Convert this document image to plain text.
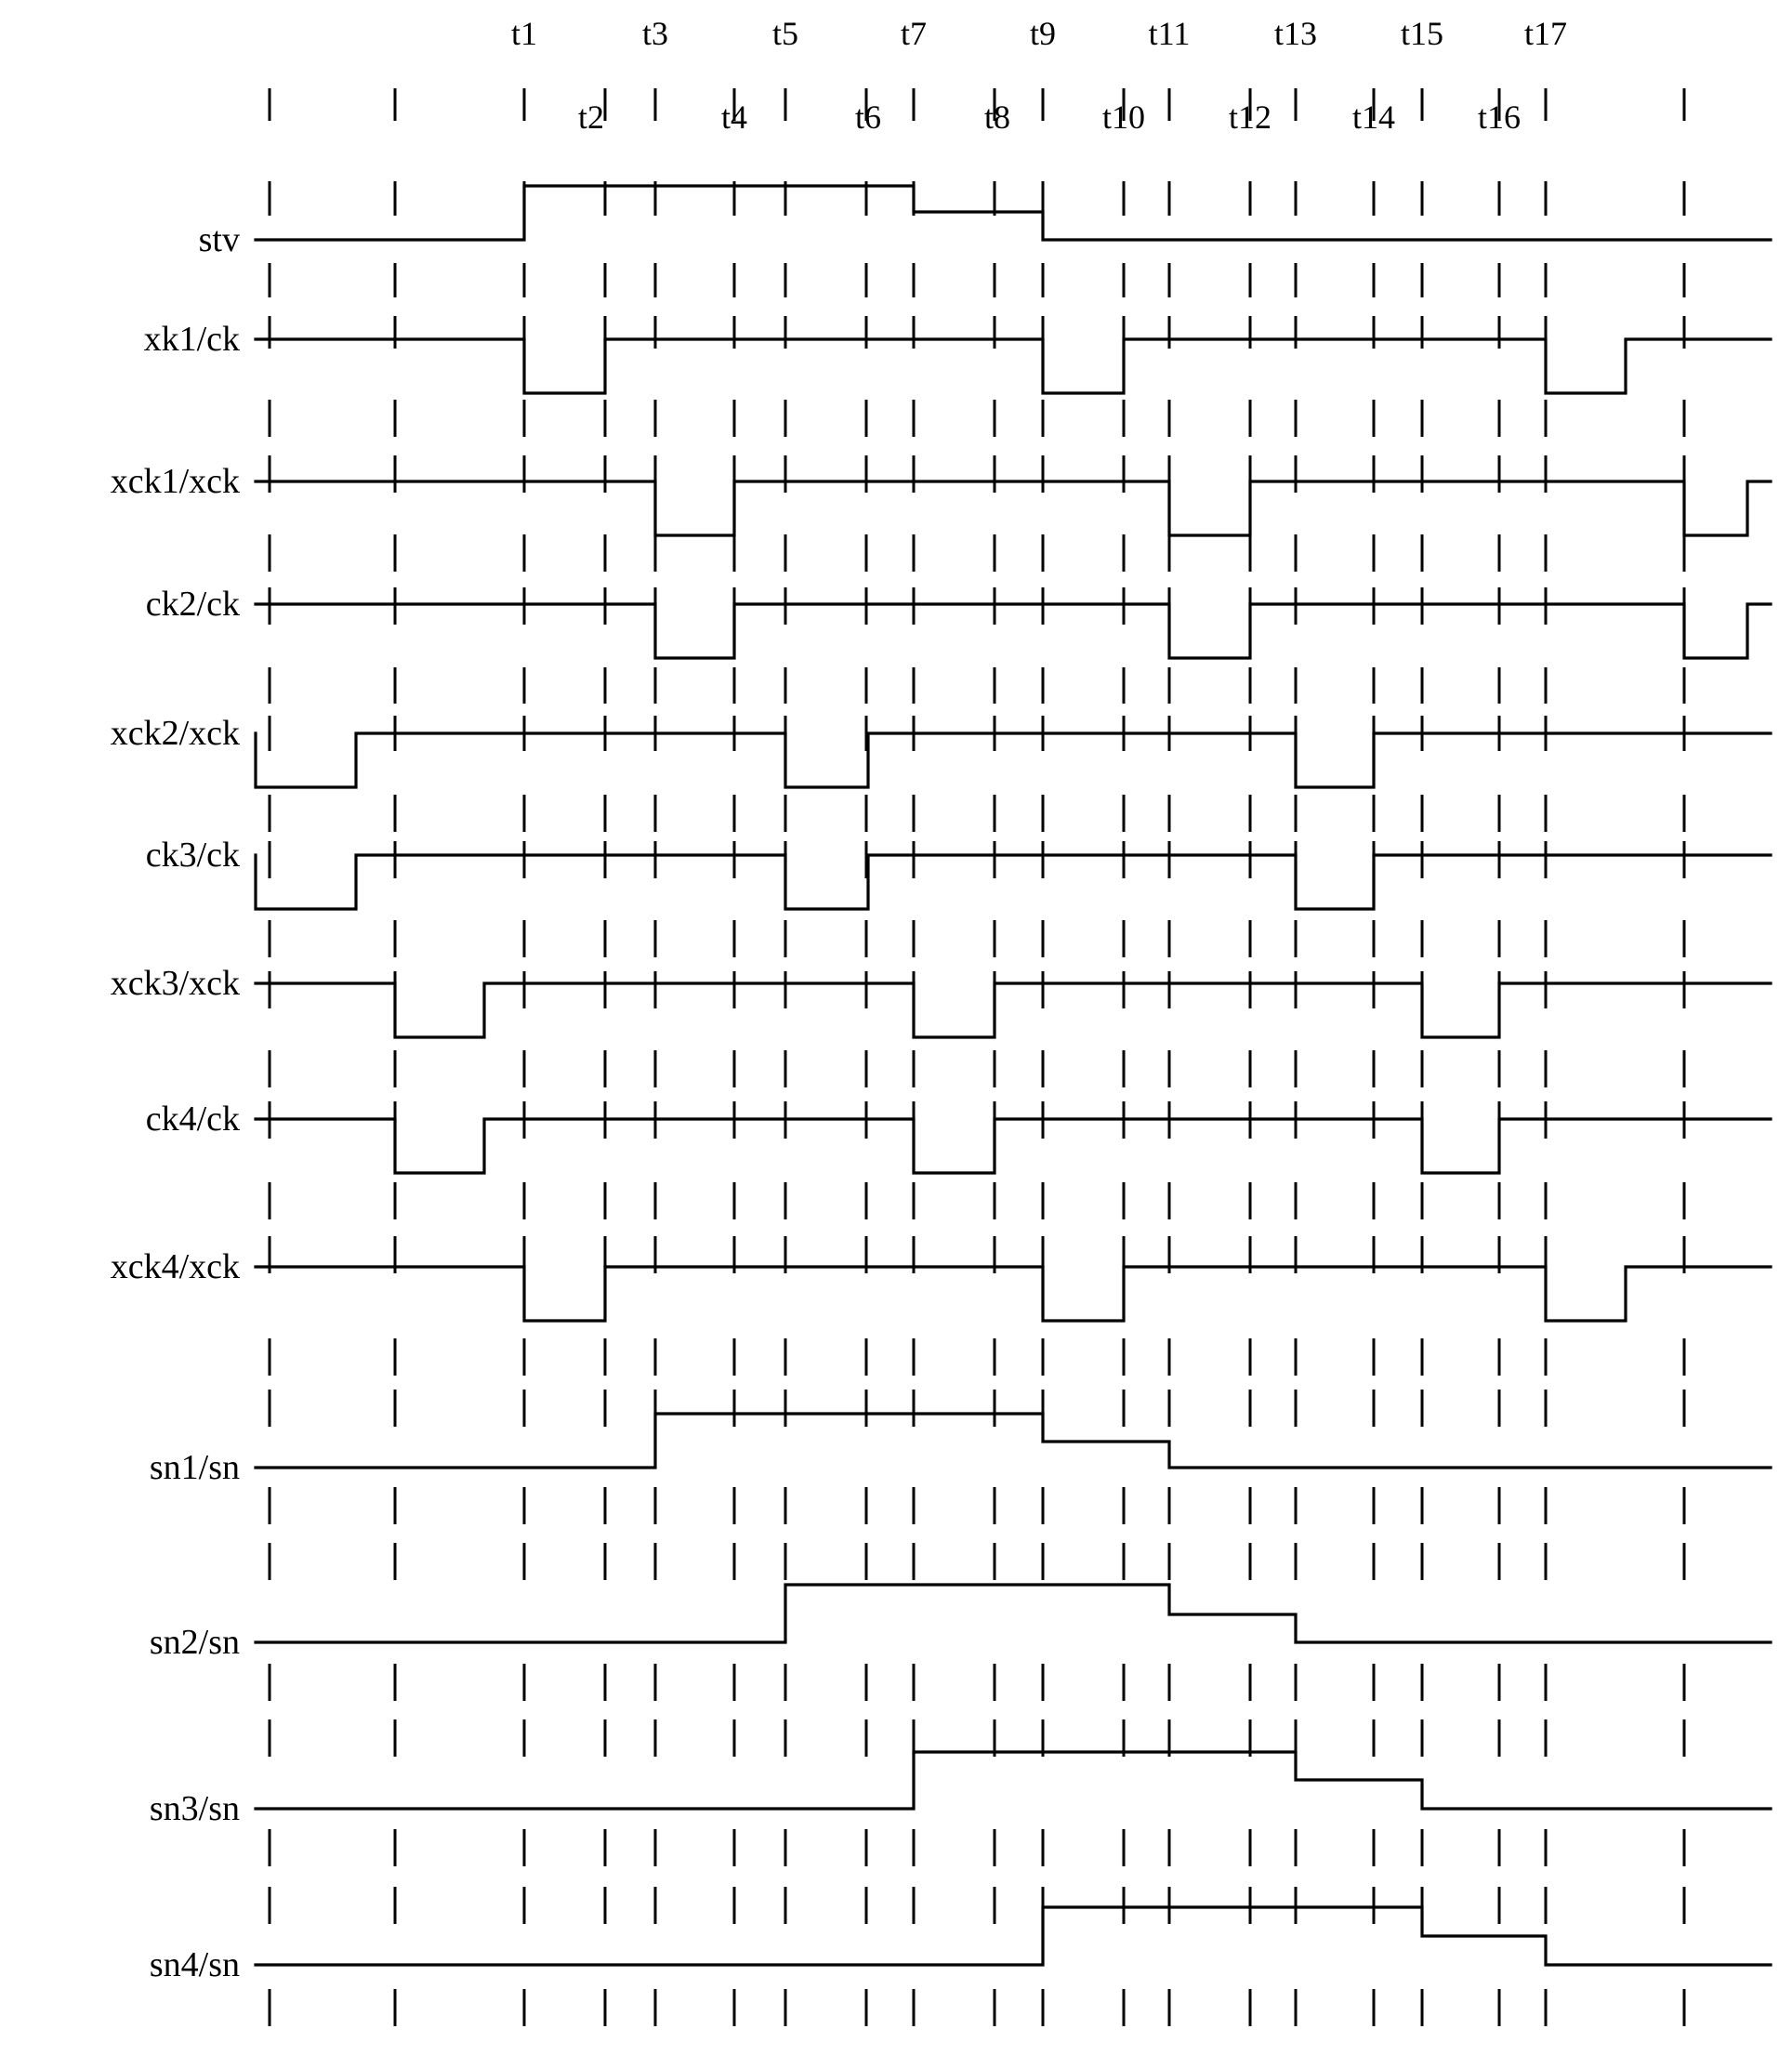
stv
xk1/ck
xck1/xck
ck2/ck
xck2/xck
ck3/ck
xck3/xck
ck4/ck
xck4/xck
sn1/sn
sn2/sn
sn3/sn
sn4/sn
t1
t2
t3
t4
t5
t6
t7
t8
t9
t10
t11
t12
t13
t14
t15
t16
t17
